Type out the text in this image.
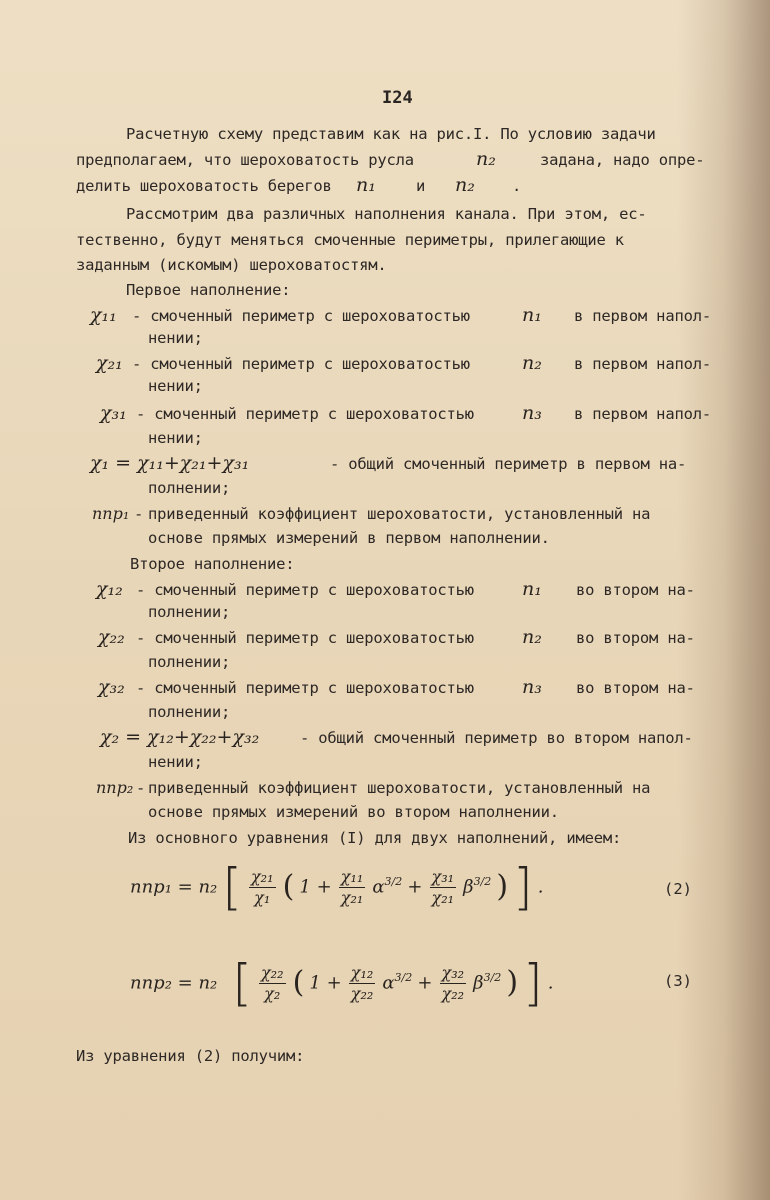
I24
Расчетную схему представим как на рис.I. По условию задачи
предполагаем, что шероховатость русла	n₂	задана, надо опре-
делить шероховатость берегов n₁	и n₂ .
Рассмотрим два различных наполнения канала. При этом, ес-
тественно, будут меняться смоченные периметры, прилегающие к
заданным (искомым) шероховатостям.
Первое наполнение:
χ₁₁ - смоченный периметр с шероховатостью	n₁ в первом напол-
нении;
χ₂₁ - смоченный периметр с шероховатостью	n₂ в первом напол-
нении;
χ₃₁ - смоченный периметр с шероховатостью	n₃ в первом напол-
нении;
χ₁ = χ₁₁+χ₂₁+χ₃₁	- общий смоченный периметр в первом на-
полнении;
nпр₁ - приведенный коэффициент шероховатости, установленный на
основе прямых измерений в первом наполнении.
Второе наполнение:
χ₁₂ - смоченный периметр с шероховатостью	n₁ во втором на-
полнении;
χ₂₂ - смоченный периметр с шероховатостью	n₂ во втором на-
полнении;
χ₃₂ - смоченный периметр с шероховатостью	n₃ во втором на-
полнении;
χ₂ = χ₁₂+χ₂₂+χ₃₂	- общий смоченный периметр во втором напол-
нении;
nпр₂ - приведенный коэффициент шероховатости, установленный на
основе прямых измерений во втором наполнении.
Из основного уравнения (I) для двух наполнений, имеем:
nпр₁ = n₂ [ $\frac{\text{χ₂₁}}{\text{χ₁}}$ ( $1 + \frac{\text{χ₁₁}}{\text{χ₂₁}} \alpha^{3/2} + \frac{\text{χ₃₁}}{\text{χ₂₁}} \beta^{3/2}$ ) ] .	(2)
nпр₂ = n₂ [ $\frac{\text{χ₂₂}}{\text{χ₂}}$ ( $1 + \frac{\text{χ₁₂}}{\text{χ₂₂}} \alpha^{3/2} + \frac{\text{χ₃₂}}{\text{χ₂₂}} \beta^{3/2}$ ) ] .	(3)
Из уравнения (2) получим:
